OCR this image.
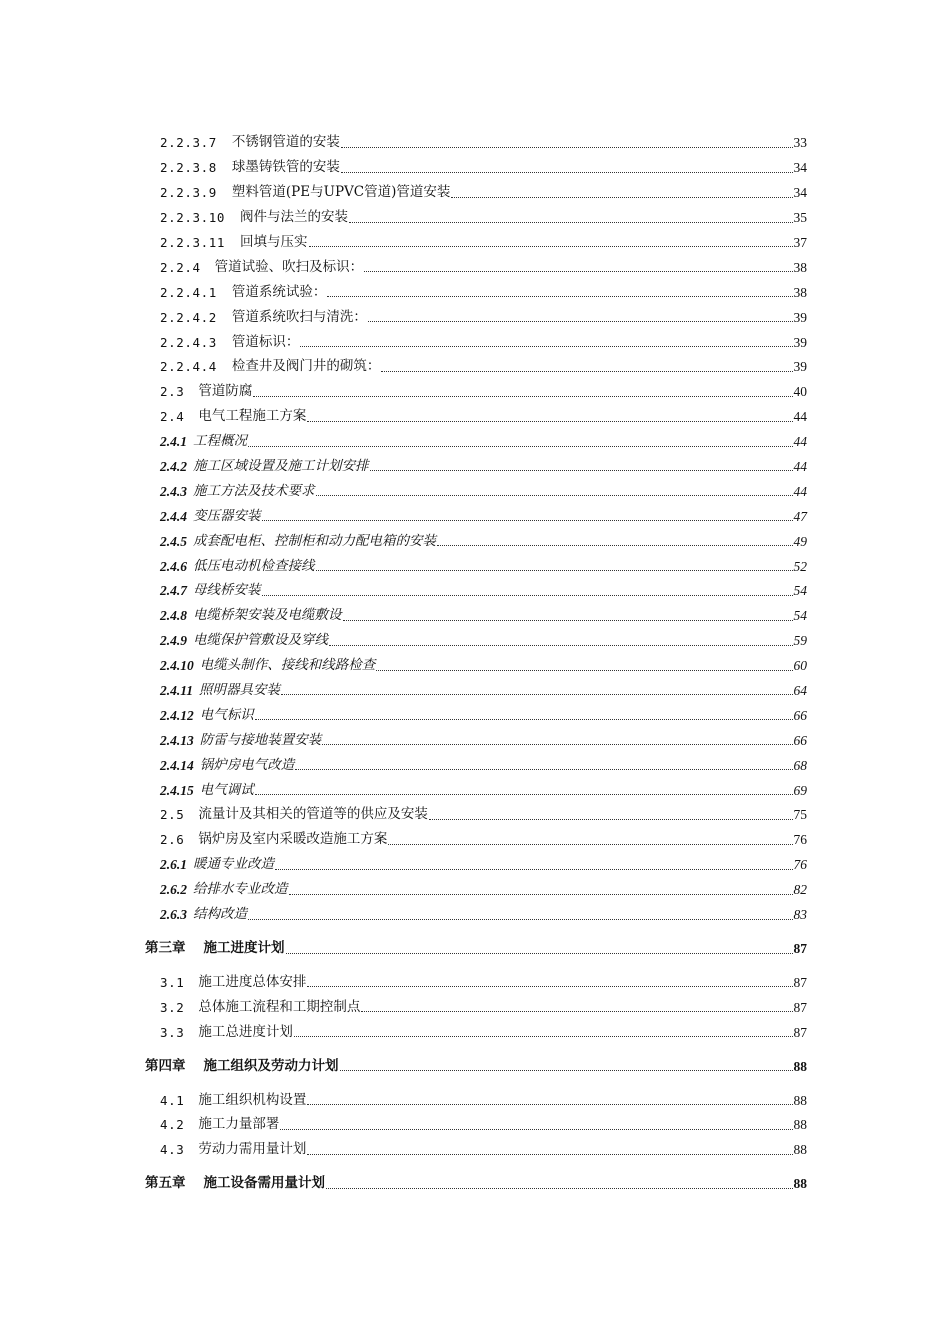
2.2.3.7 不锈钢管道的安装	33
2.2.3.8 球墨铸铁管的安装	34
2.2.3.9 塑料管道(PE与UPVC管道)管道安装	34
2.2.3.10 阀件与法兰的安装	35
2.2.3.11 回填与压实	37
2.2.4 管道试验、吹扫及标识：	38
2.2.4.1 管道系统试验：	38
2.2.4.2 管道系统吹扫与清洗：	39
2.2.4.3 管道标识：	39
2.2.4.4 检查井及阀门井的砌筑：	39
2.3 管道防腐	40
2.4 电气工程施工方案	44
2.4.1 工程概况	44
2.4.2 施工区域设置及施工计划安排	44
2.4.3 施工方法及技术要求	44
2.4.4 变压器安装	47
2.4.5 成套配电柜、控制柜和动力配电箱的安装	49
2.4.6 低压电动机检查接线	52
2.4.7 母线桥安装	54
2.4.8 电缆桥架安装及电缆敷设	54
2.4.9 电缆保护管敷设及穿线	59
2.4.10 电缆头制作、接线和线路检查	60
2.4.11 照明器具安装	64
2.4.12 电气标识	66
2.4.13 防雷与接地装置安装	66
2.4.14 锅炉房电气改造	68
2.4.15 电气调试	69
2.5 流量计及其相关的管道等的供应及安装	75
2.6 锅炉房及室内采暖改造施工方案	76
2.6.1 暖通专业改造	76
2.6.2 给排水专业改造	82
2.6.3 结构改造	83
第三章 施工进度计划	87
3.1 施工进度总体安排	87
3.2 总体施工流程和工期控制点	87
3.3 施工总进度计划	87
第四章 施工组织及劳动力计划	88
4.1 施工组织机构设置	88
4.2 施工力量部署	88
4.3 劳动力需用量计划	88
第五章 施工设备需用量计划	88
